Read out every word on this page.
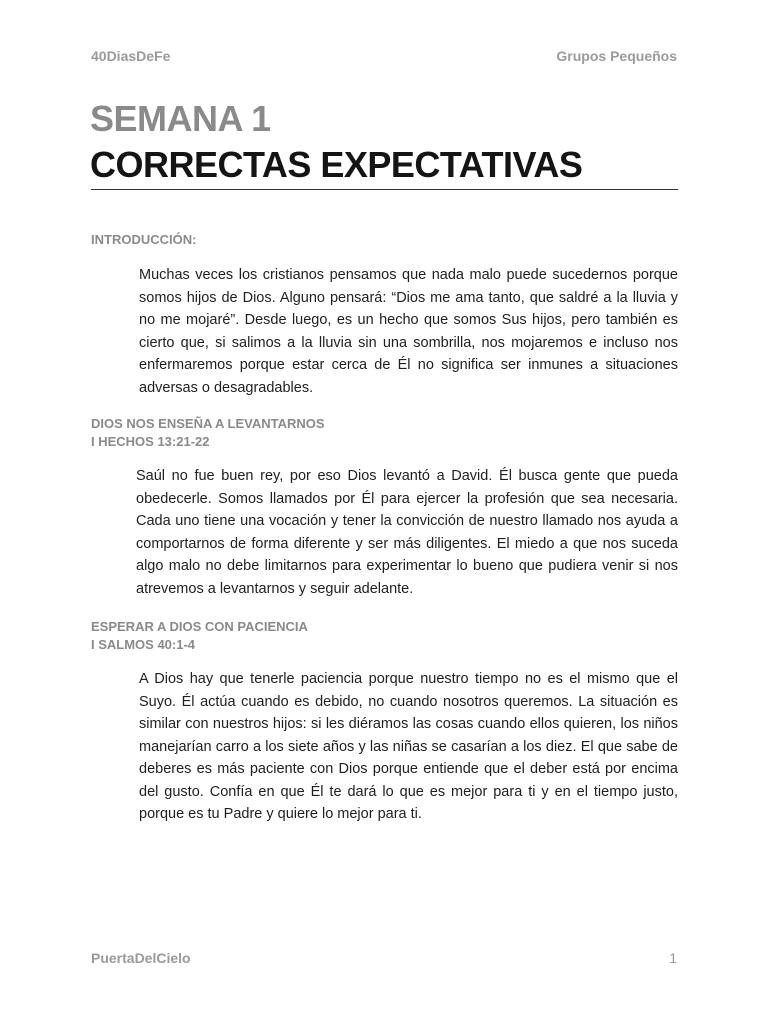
40DiasDeFe	Grupos Pequeños
SEMANA 1
CORRECTAS EXPECTATIVAS
INTRODUCCIÓN:
Muchas veces los cristianos pensamos que nada malo puede sucedernos porque somos hijos de Dios. Alguno pensará: “Dios me ama tanto, que saldré a la lluvia y no me mojaré”. Desde luego, es un hecho que somos Sus hijos, pero también es cierto que, si salimos a la lluvia sin una sombrilla, nos mojaremos e incluso nos enfermaremos porque estar cerca de Él no significa ser inmunes a situaciones adversas o desagradables.
DIOS NOS ENSEÑA A LEVANTARNOS
I HECHOS 13:21-22
Saúl no fue buen rey, por eso Dios levantó a David. Él busca gente que pueda obedecerle. Somos llamados por Él para ejercer la profesión que sea necesaria. Cada uno tiene una vocación y tener la convicción de nuestro llamado nos ayuda a comportarnos de forma diferente y ser más diligentes. El miedo a que nos suceda algo malo no debe limitarnos para experimentar lo bueno que pudiera venir si nos atrevemos a levantarnos y seguir adelante.
ESPERAR A DIOS CON PACIENCIA
I SALMOS 40:1-4
A Dios hay que tenerle paciencia porque nuestro tiempo no es el mismo que el Suyo. Él actúa cuando es debido, no cuando nosotros queremos. La situación es similar con nuestros hijos: si les diéramos las cosas cuando ellos quieren, los niños manejarían carro a los siete años y las niñas se casarían a los diez. El que sabe de deberes es más paciente con Dios porque entiende que el deber está por encima del gusto. Confía en que Él te dará lo que es mejor para ti y en el tiempo justo, porque es tu Padre y quiere lo mejor para ti.
PuertaDelCielo	1
